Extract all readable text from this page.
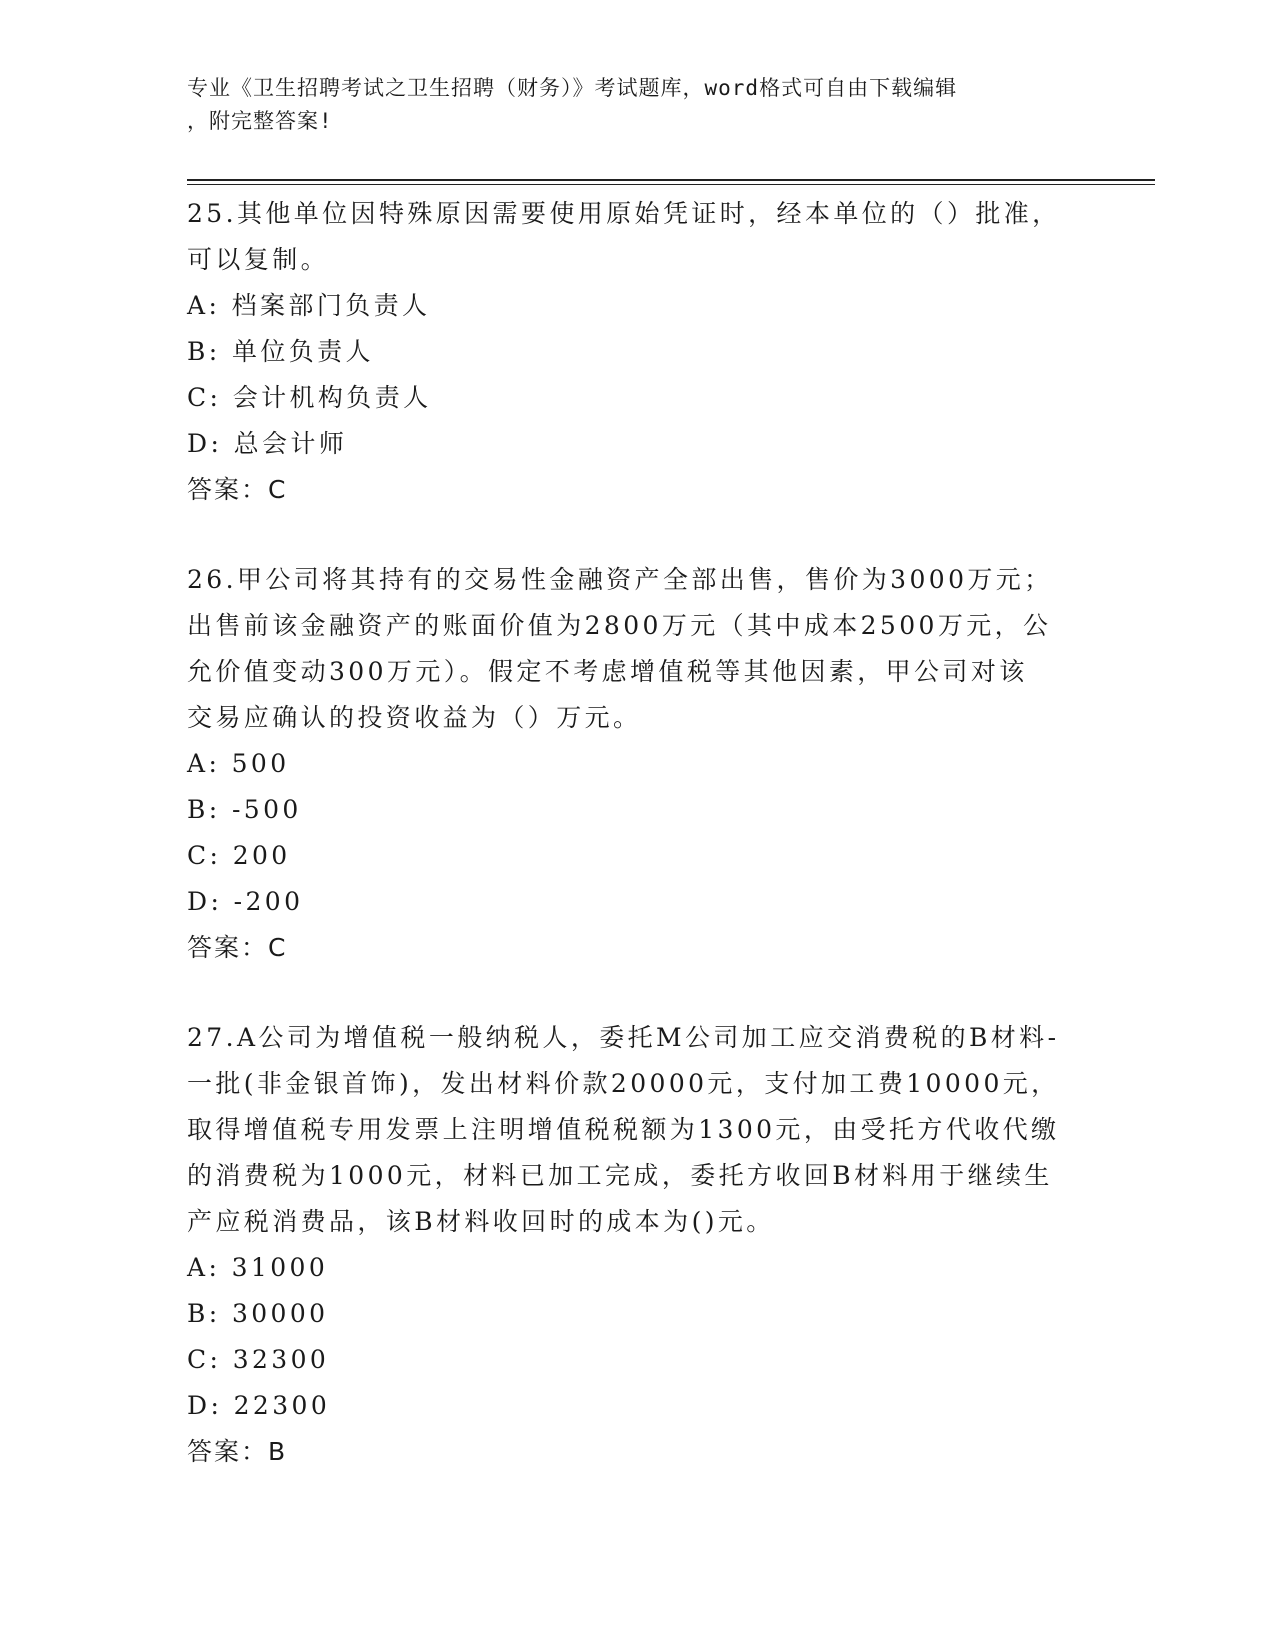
专业《卫生招聘考试之卫生招聘（财务）》考试题库，word格式可自由下载编辑
，附完整答案!
25.其他单位因特殊原因需要使用原始凭证时，经本单位的（）批准，
可以复制。
A: 档案部门负责人
B: 单位负责人
C: 会计机构负责人
D: 总会计师
答案：C
26.甲公司将其持有的交易性金融资产全部出售，售价为3000万元；
出售前该金融资产的账面价值为2800万元（其中成本2500万元，公
允价值变动300万元）。假定不考虑增值税等其他因素，甲公司对该
交易应确认的投资收益为（）万元。
A: 500
B: -500
C: 200
D: -200
答案：C
27.A公司为增值税一般纳税人，委托M公司加工应交消费税的B材料-
一批(非金银首饰)，发出材料价款20000元，支付加工费10000元，
取得增值税专用发票上注明增值税税额为1300元，由受托方代收代缴
的消费税为1000元，材料已加工完成，委托方收回B材料用于继续生
产应税消费品，该B材料收回时的成本为()元。
A: 31000
B: 30000
C: 32300
D: 22300
答案：B
